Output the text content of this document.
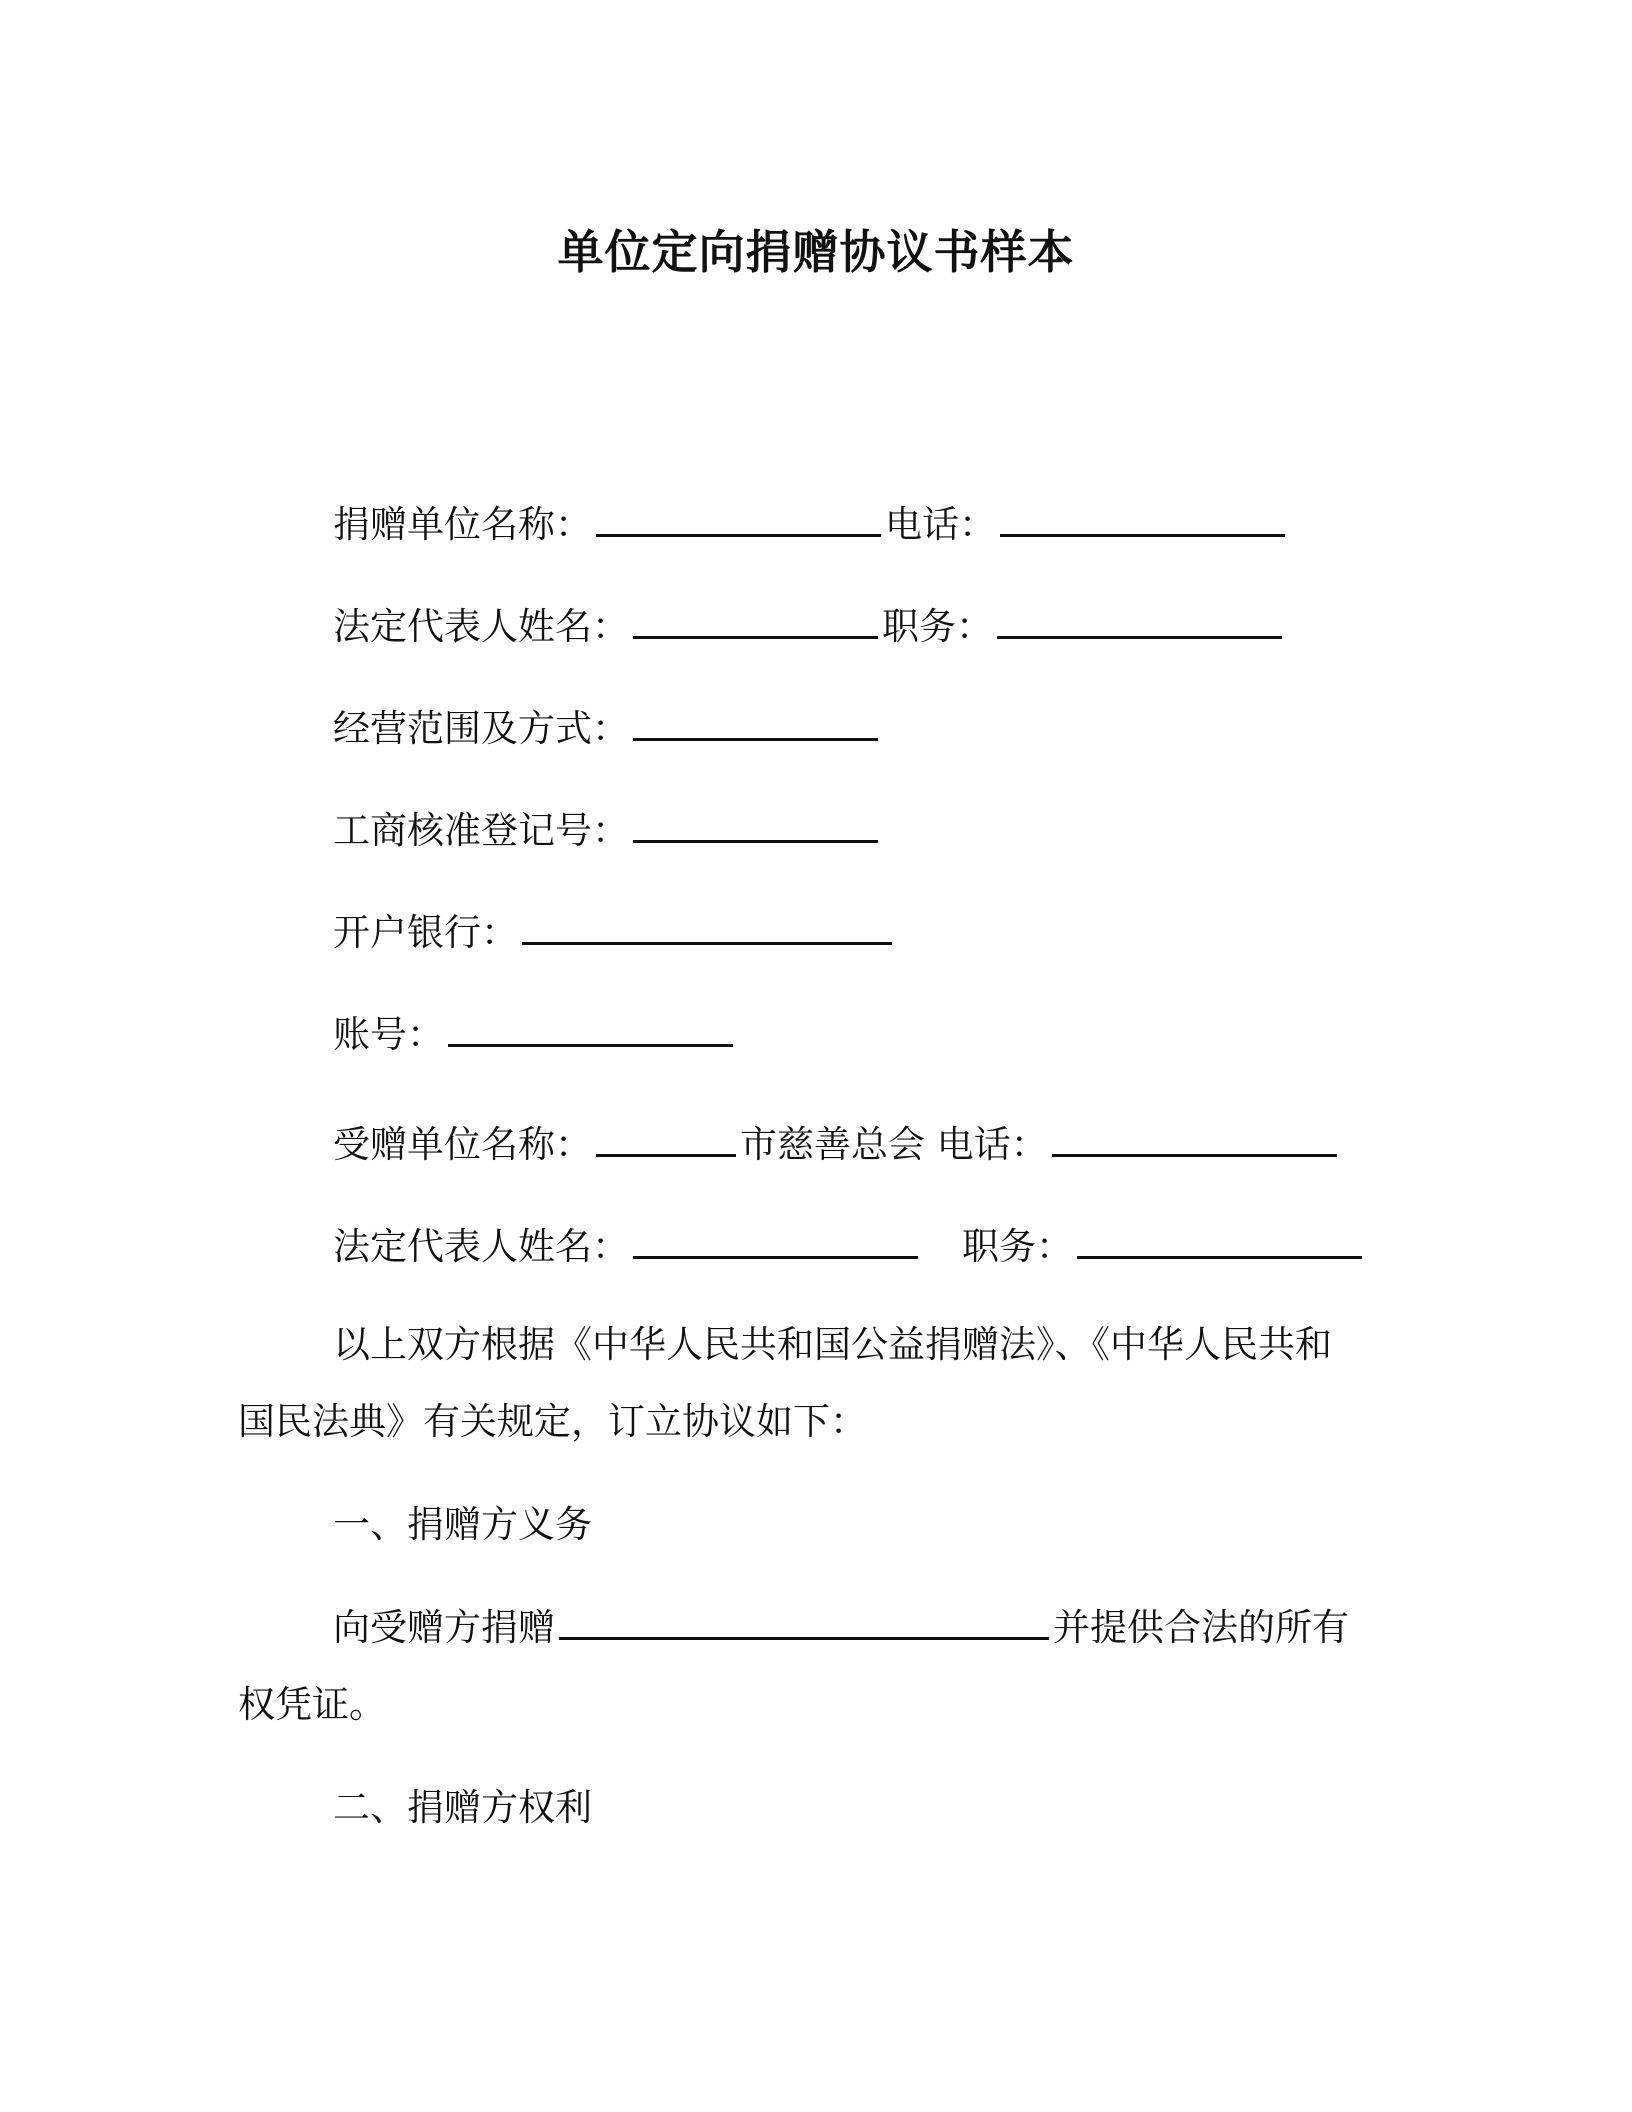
单位定向捐赠协议书样本
捐赠单位名称：	电话：
法定代表人姓名：	职务：
经营范围及方式：
工商核准登记号：
开户银行：
账号：
受赠单位名称：	市慈善总会 电话：
法定代表人姓名：	职务：
以上双方根据《中华人民共和国公益捐赠法》、《中华人民共和
国民法典》有关规定，订立协议如下：
一、捐赠方义务
向受赠方捐赠	并提供合法的所有
权凭证。
二、捐赠方权利
